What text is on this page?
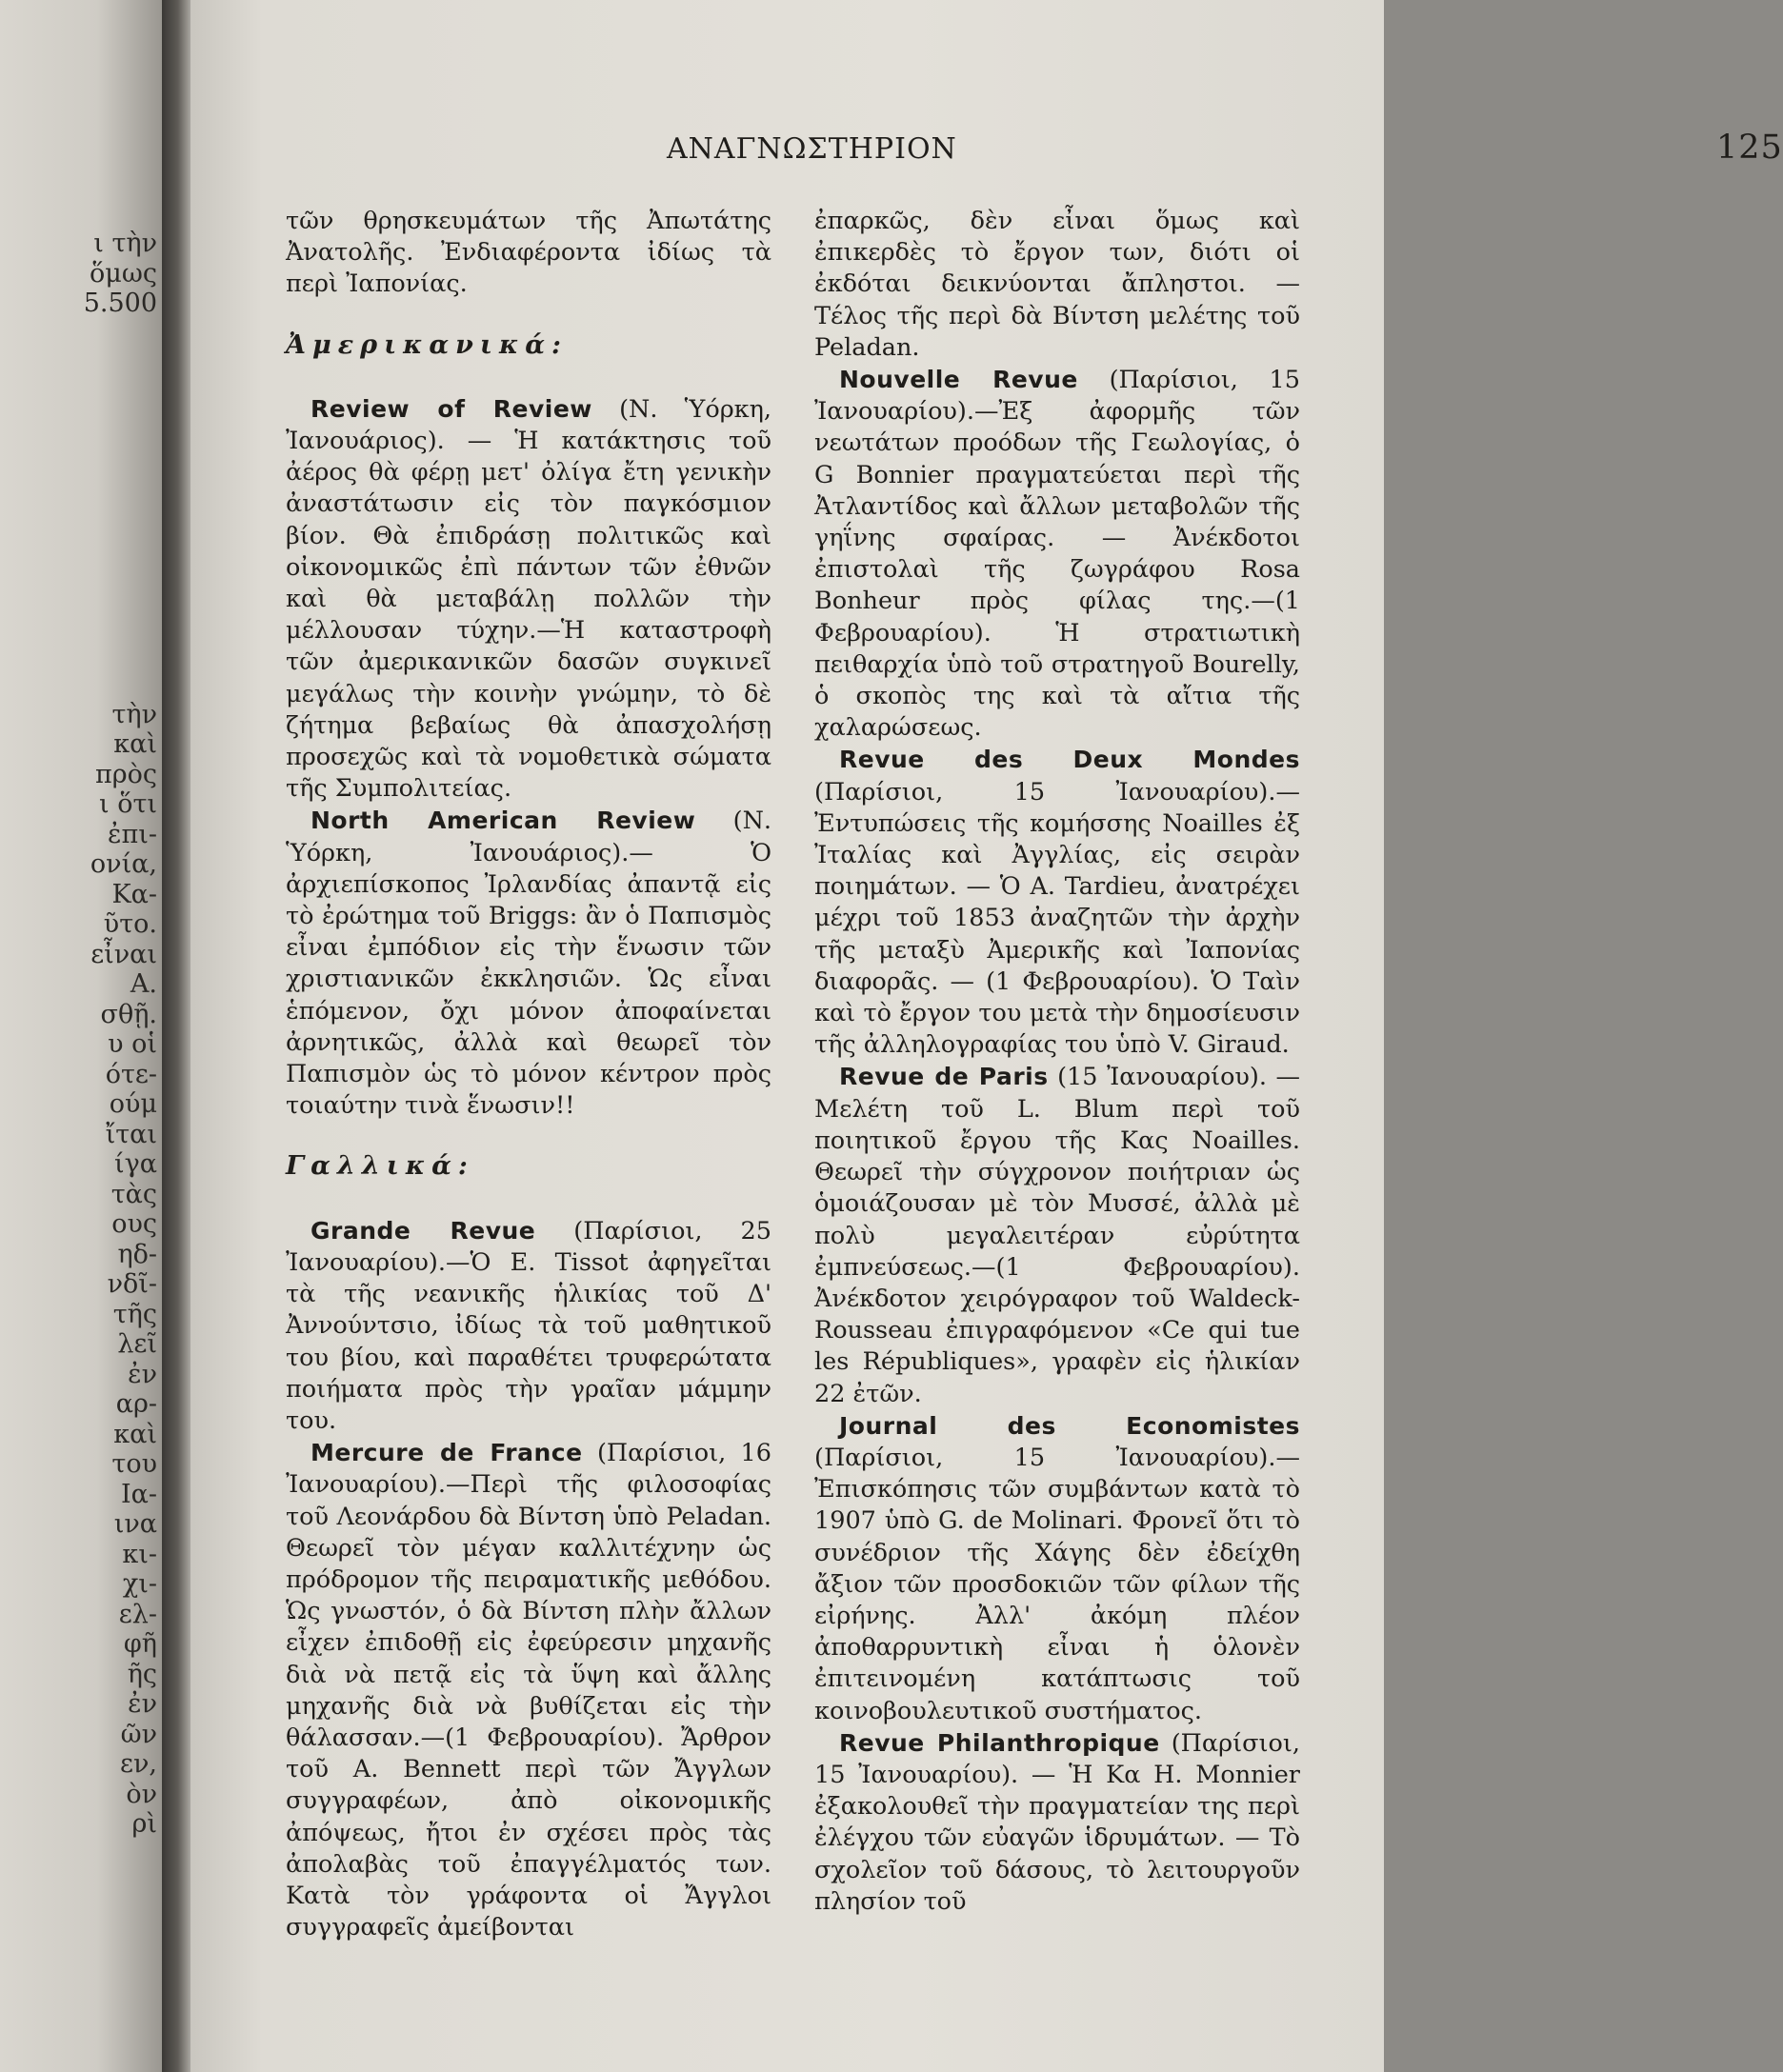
ι τὴν
ὅμως
5.500
τὴν
καὶ
πρὸς
ι ὅτι
ἐπι-
ονία,
Κα-
ῦτο.
εἶναι
Α.
σθῇ.
υ οἱ
ότε-
ούμ
ἴται
ίγα
τὰς
ους
ηδ-
νδῖ-
τῆς
λεῖ
ἐν
αρ-
καὶ
του
Ια-
ινα
κι-
χι-
ελ-
φῆ
ῆς
ἐν
ῶν
εν,
ὸν
ρὶ
ΑΝΑΓΝΩΣΤΗΡΙΟΝ	125

τῶν θρησκευμάτων τῆς Ἀπωτάτης Ἀνατολῆς. Ἐνδιαφέροντα ἰδίως τὰ περὶ Ἰαπονίας.

Ἀμερικανικά:

Review of Review (Ν. Ὑόρκη, Ἰανουάριος). — Ἡ κατάκτησις τοῦ ἀέρος θὰ φέρῃ μετ' ὀλίγα ἔτη γενικὴν ἀναστάτωσιν εἰς τὸν παγκόσμιον βίον. Θὰ ἐπιδράσῃ πολιτικῶς καὶ οἰκονομικῶς ἐπὶ πάντων τῶν ἐθνῶν καὶ θὰ μεταβάλῃ πολλῶν τὴν μέλλουσαν τύχην.—Ἡ καταστροφὴ τῶν ἀμερικανικῶν δασῶν συγκινεῖ μεγάλως τὴν κοινὴν γνώμην, τὸ δὲ ζήτημα βεβαίως θὰ ἀπασχολήσῃ προσεχῶς καὶ τὰ νομοθετικὰ σώματα τῆς Συμπολιτείας.

North American Review (Ν. Ὑόρκη, Ἰανουάριος).— Ὁ ἀρχιεπίσκοπος Ἰρλανδίας ἀπαντᾷ εἰς τὸ ἐρώτημα τοῦ Briggs: ἂν ὁ Παπισμὸς εἶναι ἐμπόδιον εἰς τὴν ἕνωσιν τῶν χριστιανικῶν ἐκκλησιῶν. Ὡς εἶναι ἑπόμενον, ὄχι μόνον ἀποφαίνεται ἀρνητικῶς, ἀλλὰ καὶ θεωρεῖ τὸν Παπισμὸν ὡς τὸ μόνον κέντρον πρὸς τοιαύτην τινὰ ἕνωσιν!!

Γαλλικά:

Grande Revue (Παρίσιοι, 25 Ἰανουαρίου).—Ὁ Ε. Tissot ἀφηγεῖται τὰ τῆς νεανικῆς ἡλικίας τοῦ Δ' Ἀννούντσιο, ἰδίως τὰ τοῦ μαθητικοῦ του βίου, καὶ παραθέτει τρυφερώτατα ποιήματα πρὸς τὴν γραῖαν μάμμην του.

Mercure de France (Παρίσιοι, 16 Ἰανουαρίου).—Περὶ τῆς φιλοσοφίας τοῦ Λεονάρδου δὰ Βίντση ὑπὸ Peladan. Θεωρεῖ τὸν μέγαν καλλιτέχνην ὡς πρόδρομον τῆς πειραματικῆς μεθόδου. Ὡς γνωστόν, ὁ δὰ Βίντση πλὴν ἄλλων εἶχεν ἐπιδοθῇ εἰς ἐφεύρεσιν μηχανῆς διὰ νὰ πετᾷ εἰς τὰ ὕψη καὶ ἄλλης μηχανῆς διὰ νὰ βυθίζεται εἰς τὴν θάλασσαν.—(1 Φεβρουαρίου). Ἄρθρον τοῦ Α. Bennett περὶ τῶν Ἄγγλων συγγραφέων, ἀπὸ οἰκονομικῆς ἀπόψεως, ἤτοι ἐν σχέσει πρὸς τὰς ἀπολαβὰς τοῦ ἐπαγγέλματός των. Κατὰ τὸν γράφοντα οἱ Ἄγγλοι συγγραφεῖς ἀμείβονται

ἐπαρκῶς, δὲν εἶναι ὅμως καὶ ἐπικερδὲς τὸ ἔργον των, διότι οἱ ἐκδόται δεικνύονται ἄπληστοι. — Τέλος τῆς περὶ δὰ Βίντση μελέτης τοῦ Peladan.

Nouvelle Revue (Παρίσιοι, 15 Ἰανουαρίου).—Ἐξ ἀφορμῆς τῶν νεωτάτων προόδων τῆς Γεωλογίας, ὁ G Bonnier πραγματεύεται περὶ τῆς Ἀτλαντίδος καὶ ἄλλων μεταβολῶν τῆς γηΐνης σφαίρας. — Ἀνέκδοτοι ἐπιστολαὶ τῆς ζωγράφου Rosa Bonheur πρὸς φίλας της.—(1 Φεβρουαρίου). Ἡ στρατιωτικὴ πειθαρχία ὑπὸ τοῦ στρατηγοῦ Bourelly, ὁ σκοπὸς της καὶ τὰ αἴτια τῆς χαλαρώσεως.

Revue des Deux Mondes (Παρίσιοι, 15 Ἰανουαρίου).—Ἐντυπώσεις τῆς κομήσσης Noailles ἐξ Ἰταλίας καὶ Ἀγγλίας, εἰς σειρὰν ποιημάτων. — Ὁ Α. Tardieu, ἀνατρέχει μέχρι τοῦ 1853 ἀναζητῶν τὴν ἀρχὴν τῆς μεταξὺ Ἀμερικῆς καὶ Ἰαπονίας διαφορᾶς. — (1 Φεβρουαρίου). Ὁ Ταὶν καὶ τὸ ἔργον του μετὰ τὴν δημοσίευσιν τῆς ἀλληλογραφίας του ὑπὸ V. Giraud.

Revue de Paris (15 Ἰανουαρίου). — Μελέτη τοῦ L. Blum περὶ τοῦ ποιητικοῦ ἔργου τῆς Κας Noailles. Θεωρεῖ τὴν σύγχρονον ποιήτριαν ὡς ὁμοιάζουσαν μὲ τὸν Μυσσέ, ἀλλὰ μὲ πολὺ μεγαλειτέραν εὐρύτητα ἐμπνεύσεως.—(1 Φεβρουαρίου). Ἀνέκδοτον χειρόγραφον τοῦ Waldeck-Rousseau ἐπιγραφόμενον «Ce qui tue les Républiques», γραφὲν εἰς ἡλικίαν 22 ἐτῶν.

Journal des Economistes (Παρίσιοι, 15 Ἰανουαρίου).—Ἐπισκόπησις τῶν συμβάντων κατὰ τὸ 1907 ὑπὸ G. de Molinari. Φρονεῖ ὅτι τὸ συνέδριον τῆς Χάγης δὲν ἐδείχθη ἄξιον τῶν προσδοκιῶν τῶν φίλων τῆς εἰρήνης. Ἀλλ' ἀκόμη πλέον ἀποθαρρυντικὴ εἶναι ἡ ὁλονὲν ἐπιτεινομένη κατάπτωσις τοῦ κοινοβουλευτικοῦ συστήματος.

Revue Philanthropique (Παρίσιοι, 15 Ἰανουαρίου). — Ἡ Κα Η. Monnier ἐξακολουθεῖ τὴν πραγματείαν της περὶ ἐλέγχου τῶν εὐαγῶν ἱδρυμάτων. — Τὸ σχολεῖον τοῦ δάσους, τὸ λειτουργοῦν πλησίον τοῦ
